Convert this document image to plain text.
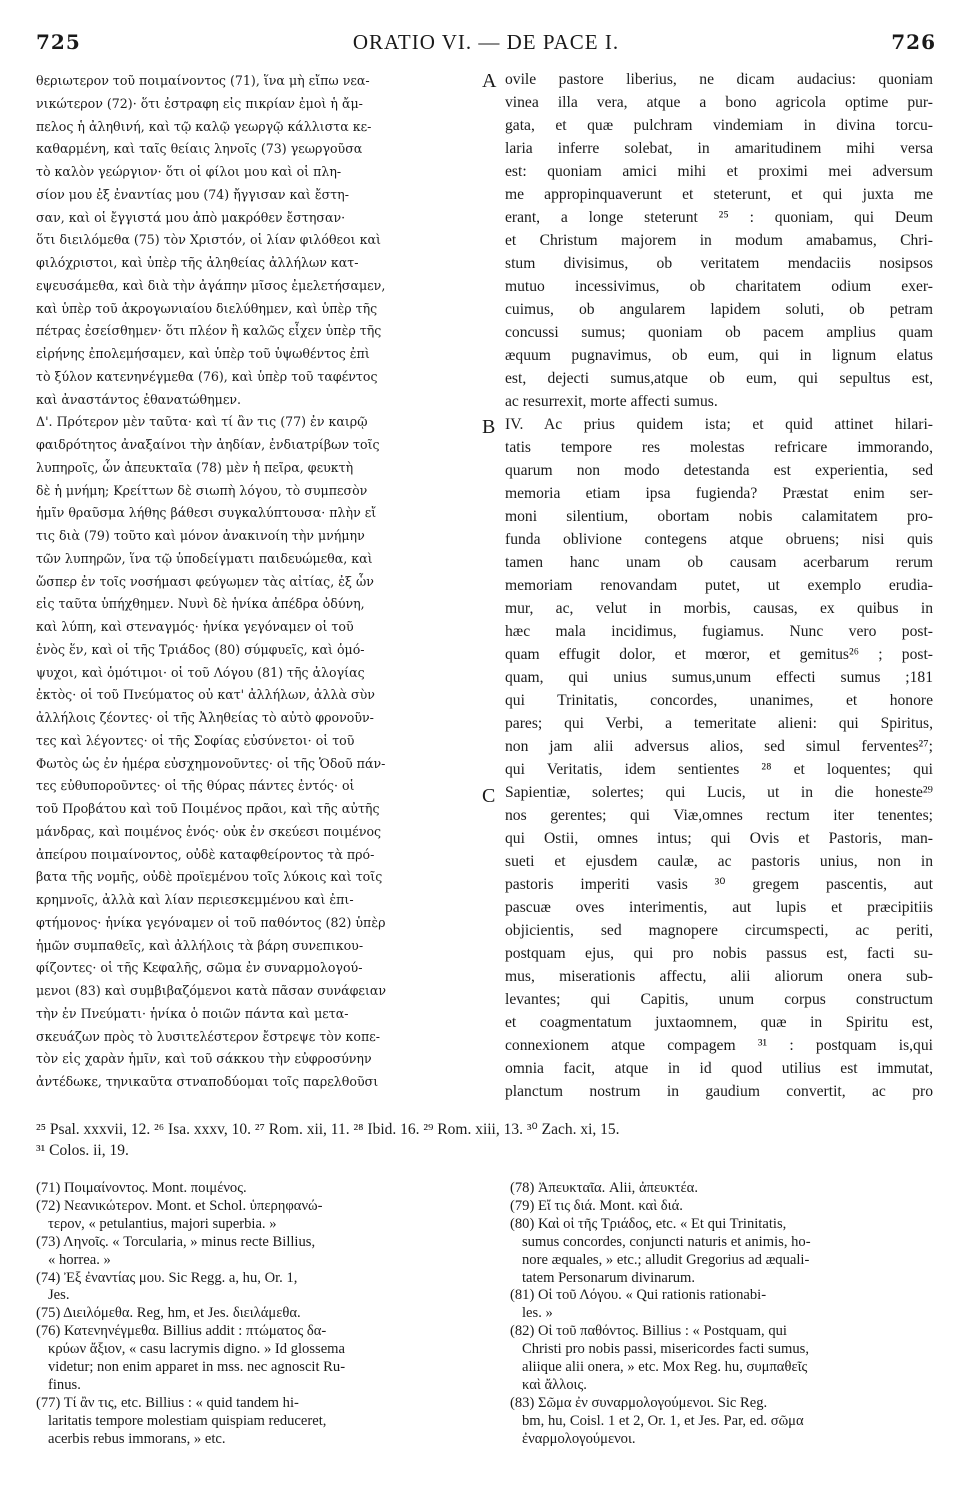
725	ORATIO VI. — DE PACE I.	726
θεριωτερον τοῦ ποιμαίνοντος (71), ἵνα μὴ εἴπω νεα-
νικώτερον (72)· ὅτι ἐστραφη εἰς πικρίαν ἐμοὶ ἡ ἄμ-
πελος ἡ ἀληθινή, καὶ τῷ καλῷ γεωργῷ κάλλιστα κε-
καθαρμένη, καὶ ταῖς θείαις ληνοῖς (73) γεωργοῦσα
τὸ καλὸν γεώργιον· ὅτι οἱ φίλοι μου καὶ οἱ πλη-
σίον μου ἐξ ἐναντίας μου (74) ἤγγισαν καὶ ἔστη-
σαν, καὶ οἱ ἔγγιστά μου ἀπὸ μακρόθεν ἔστησαν·
ὅτι διειλόμεθα (75) τὸν Χριστόν, οἱ λίαν φιλόθεοι καὶ
φιλόχριστοι, καὶ ὑπὲρ τῆς ἀληθείας ἀλλήλων κατ-
εψευσάμεθα, καὶ διὰ τὴν ἀγάπην μῖσος ἐμελετήσαμεν,
καὶ ὑπὲρ τοῦ ἀκρογωνιαίου διελύθημεν, καὶ ὑπὲρ τῆς
πέτρας ἐσείσθημεν· ὅτι πλέον ἢ καλῶς εἶχεν ὑπὲρ τῆς
εἰρήνης ἐπολεμήσαμεν, καὶ ὑπὲρ τοῦ ὑψωθέντος ἐπὶ
τὸ ξύλον κατενηνέγμεθα (76), καὶ ὑπὲρ τοῦ ταφέντος
καὶ ἀναστάντος ἐθανατώθημεν.
Δ'. Πρότερον μὲν ταῦτα· καὶ τί ἂν τις (77) ἐν καιρῷ
φαιδρότητος ἀναξαίνοι τὴν ἀηδίαν, ἐνδιατρίβων τοῖς
λυπηροῖς, ὧν ἀπευκταῖα (78) μὲν ἡ πεῖρα, φευκτὴ
δὲ ἡ μνήμη; Κρείττων δὲ σιωπὴ λόγου, τὸ συμπεσὸν
ἡμῖν θραῦσμα λήθης βάθεσι συγκαλύπτουσα· πλὴν εἴ
τις διὰ (79) τοῦτο καὶ μόνον ἀνακινοίη τὴν μνήμην
τῶν λυπηρῶν, ἵνα τῷ ὑποδείγματι παιδευώμεθα, καὶ
ὥσπερ ἐν τοῖς νοσήμασι φεύγωμεν τὰς αἰτίας, ἐξ ὧν
εἰς ταῦτα ὑπήχθημεν. Νυνὶ δὲ ἡνίκα ἀπέδρα ὀδύνη,
καὶ λύπη, καὶ στεναγμός· ἡνίκα γεγόναμεν οἱ τοῦ
ἑνὸς ἕν, καὶ οἱ τῆς Τριάδος (80) σύμφυεῖς, καὶ ὁμό-
ψυχοι, καὶ ὁμότιμοι· οἱ τοῦ Λόγου (81) τῆς ἀλογίας
ἐκτὸς· οἱ τοῦ Πνεύματος οὐ κατ' ἀλλήλων, ἀλλὰ σὺν
ἀλλήλοις ζέοντες· οἱ τῆς Ἀληθείας τὸ αὐτὸ φρονοῦν-
τες καὶ λέγοντες· οἱ τῆς Σοφίας εὐσύνετοι· οἱ τοῦ
Φωτὸς ὡς ἐν ἡμέρα εὐσχημονοῦντες· οἱ τῆς Ὁδοῦ πάν-
τες εὐθυποροῦντες· οἱ τῆς θύρας πάντες ἐντός· οἱ
τοῦ Προβάτου καὶ τοῦ Ποιμένος πρᾶοι, καὶ τῆς αὐτῆς
μάνδρας, καὶ ποιμένος ἑνός· οὐκ ἐν σκεύεσι ποιμένος
ἀπείρου ποιμαίνοντος, οὐδὲ καταφθείροντος τὰ πρό-
βατα τῆς νομῆς, οὐδὲ προϊεμένου τοῖς λύκοις καὶ τοῖς
κρημνοῖς, ἀλλὰ καὶ λίαν περιεσκεμμένου καὶ ἐπι-
φτήμονος· ἡνίκα γεγόναμεν οἱ τοῦ παθόντος (82) ὑπὲρ
ἡμῶν συμπαθεῖς, καὶ ἀλλήλοις τὰ βάρη συνεπικου-
φίζοντες· οἱ τῆς Κεφαλῆς, σῶμα ἐν συναρμολογού-
μενοι (83) καὶ συμβιβαζόμενοι κατὰ πᾶσαν συνάφειαν
τὴν ἐν Πνεύματι· ἡνίκα ὁ ποιῶν πάντα καὶ μετα-
σκευάζων πρὸς τὸ λυσιτελέστερον ἔστρεψε τὸν κοπε-
τὸν εἰς χαρὰν ἡμῖν, καὶ τοῦ σάκκου τὴν εὐφροσύνην
ἀντέδωκε, τηνικαῦτα στναποδύομαι τοῖς παρελθοῦσι
A
B
C
ovile pastore liberius, ne dicam audacius: quoniam
vinea illa vera, atque a bono agricola optime pur-
gata, et quæ pulchram vindemiam in divina torcu-
laria inferre solebat, in amaritudinem mihi versa
est: quoniam amici mihi et proximi mei adversum
me appropinquaverunt et steterunt, et qui juxta me
erant, a longe steterunt ²⁵ : quoniam, qui Deum
et Christum majorem in modum amabamus, Chri-
stum divisimus, ob veritatem mendaciis nosipsos
mutuo incessivimus, ob charitatem odium exer-
cuimus, ob angularem lapidem soluti, ob petram
concussi sumus; quoniam ob pacem amplius quam
æquum pugnavimus, ob eum, qui in lignum elatus
est, dejecti sumus,atque ob eum, qui sepultus est,
ac resurrexit, morte affecti sumus.
IV. Ac prius quidem ista; et quid attinet hilari-
tatis tempore res molestas refricare immorando,
quarum non modo detestanda est experientia, sed
memoria etiam ipsa fugienda? Præstat enim ser-
moni silentium, obortam nobis calamitatem pro-
funda oblivione contegens atque obruens; nisi quis
tamen hanc unam ob causam acerbarum rerum
memoriam renovandam putet, ut exemplo erudia-
mur, ac, velut in morbis, causas, ex quibus in
hæc mala incidimus, fugiamus. Nunc vero post-
quam effugit dolor, et mœror, et gemitus²⁶ ; post-
quam, qui unius sumus,unum effecti sumus ;181
qui Trinitatis, concordes, unanimes, et honore
pares; qui Verbi, a temeritate alieni: qui Spiritus,
non jam alii adversus alios, sed simul ferventes²⁷;
qui Veritatis, idem sentientes ²⁸ et loquentes; qui
Sapientiæ, solertes; qui Lucis, ut in die honeste²⁹
nos gerentes; qui Viæ,omnes rectum iter tenentes;
qui Ostii, omnes intus; qui Ovis et Pastoris, man-
sueti et ejusdem caulæ, ac pastoris unius, non in
pastoris imperiti vasis ³⁰ gregem pascentis, aut
pascuæ oves interimentis, aut lupis et præcipitiis
objicientis, sed magnopere circumspecti, ac periti,
postquam ejus, qui pro nobis passus est, facti su-
mus, miserationis affectu, alii aliorum onera sub-
levantes; qui Capitis, unum corpus constructum
et coagmentatum juxtaomnem, quæ in Spiritu est,
connexionem atque compagem ³¹ : postquam is,qui
omnia facit, atque in id quod utilius est immutat,
planctum nostrum in gaudium convertit, ac pro
²⁵ Psal. xxxvii, 12. ²⁶ Isa. xxxv, 10. ²⁷ Rom. xii, 11. ²⁸ Ibid. 16. ²⁹ Rom. xiii, 13. ³⁰ Zach. xi, 15.
³¹ Colos. ii, 19.
(71) Ποιμαίνοντος. Mont. ποιμένος.
(72) Νεανικώτερον. Mont. et Schol. ὑπερηφανώ-
τερον, « petulantius, majori superbia. »
(73) Ληνοῖς. « Torcularia, » minus recte Billius,
« horrea. »
(74) Ἐξ ἐναντίας μου. Sic Regg. a, hu, Or. 1,
Jes.
(75) Διειλόμεθα. Reg, hm, et Jes. διειλάμεθα.
(76) Κατενηνέγμεθα. Billius addit : πτώματος δα-
κρύων ἄξιον, « casu lacrymis digno. » Id glossema
videtur; non enim apparet in mss. nec agnoscit Ru-
finus.
(77) Τί ἂν τις, etc. Billius : « quid tandem hi-
laritatis tempore molestiam quispiam reduceret,
acerbis rebus immorans, » etc.
(78) Ἀπευκταῖα. Alii, ἀπευκτέα.
(79) Εἴ τις διά. Mont. καὶ διά.
(80) Καὶ οἱ τῆς Τριάδος, etc. « Et qui Trinitatis,
sumus concordes, conjuncti naturis et animis, ho-
nore æquales, » etc.; alludit Gregorius ad æquali-
tatem Personarum divinarum.
(81) Οἱ τοῦ Λόγου. « Qui rationis rationabi-
les. »
(82) Οἱ τοῦ παθόντος. Billius : « Postquam, qui
Christi pro nobis passi, misericordes facti sumus,
aliique alii onera, » etc. Mox Reg. hu, συμπαθεῖς
καὶ ἄλλοις.
(83) Σῶμα ἐν συναρμολογούμενοι. Sic Reg.
bm, hu, Coisl. 1 et 2, Or. 1, et Jes. Par, ed. σῶμα
ἐναρμολογούμενοι.
